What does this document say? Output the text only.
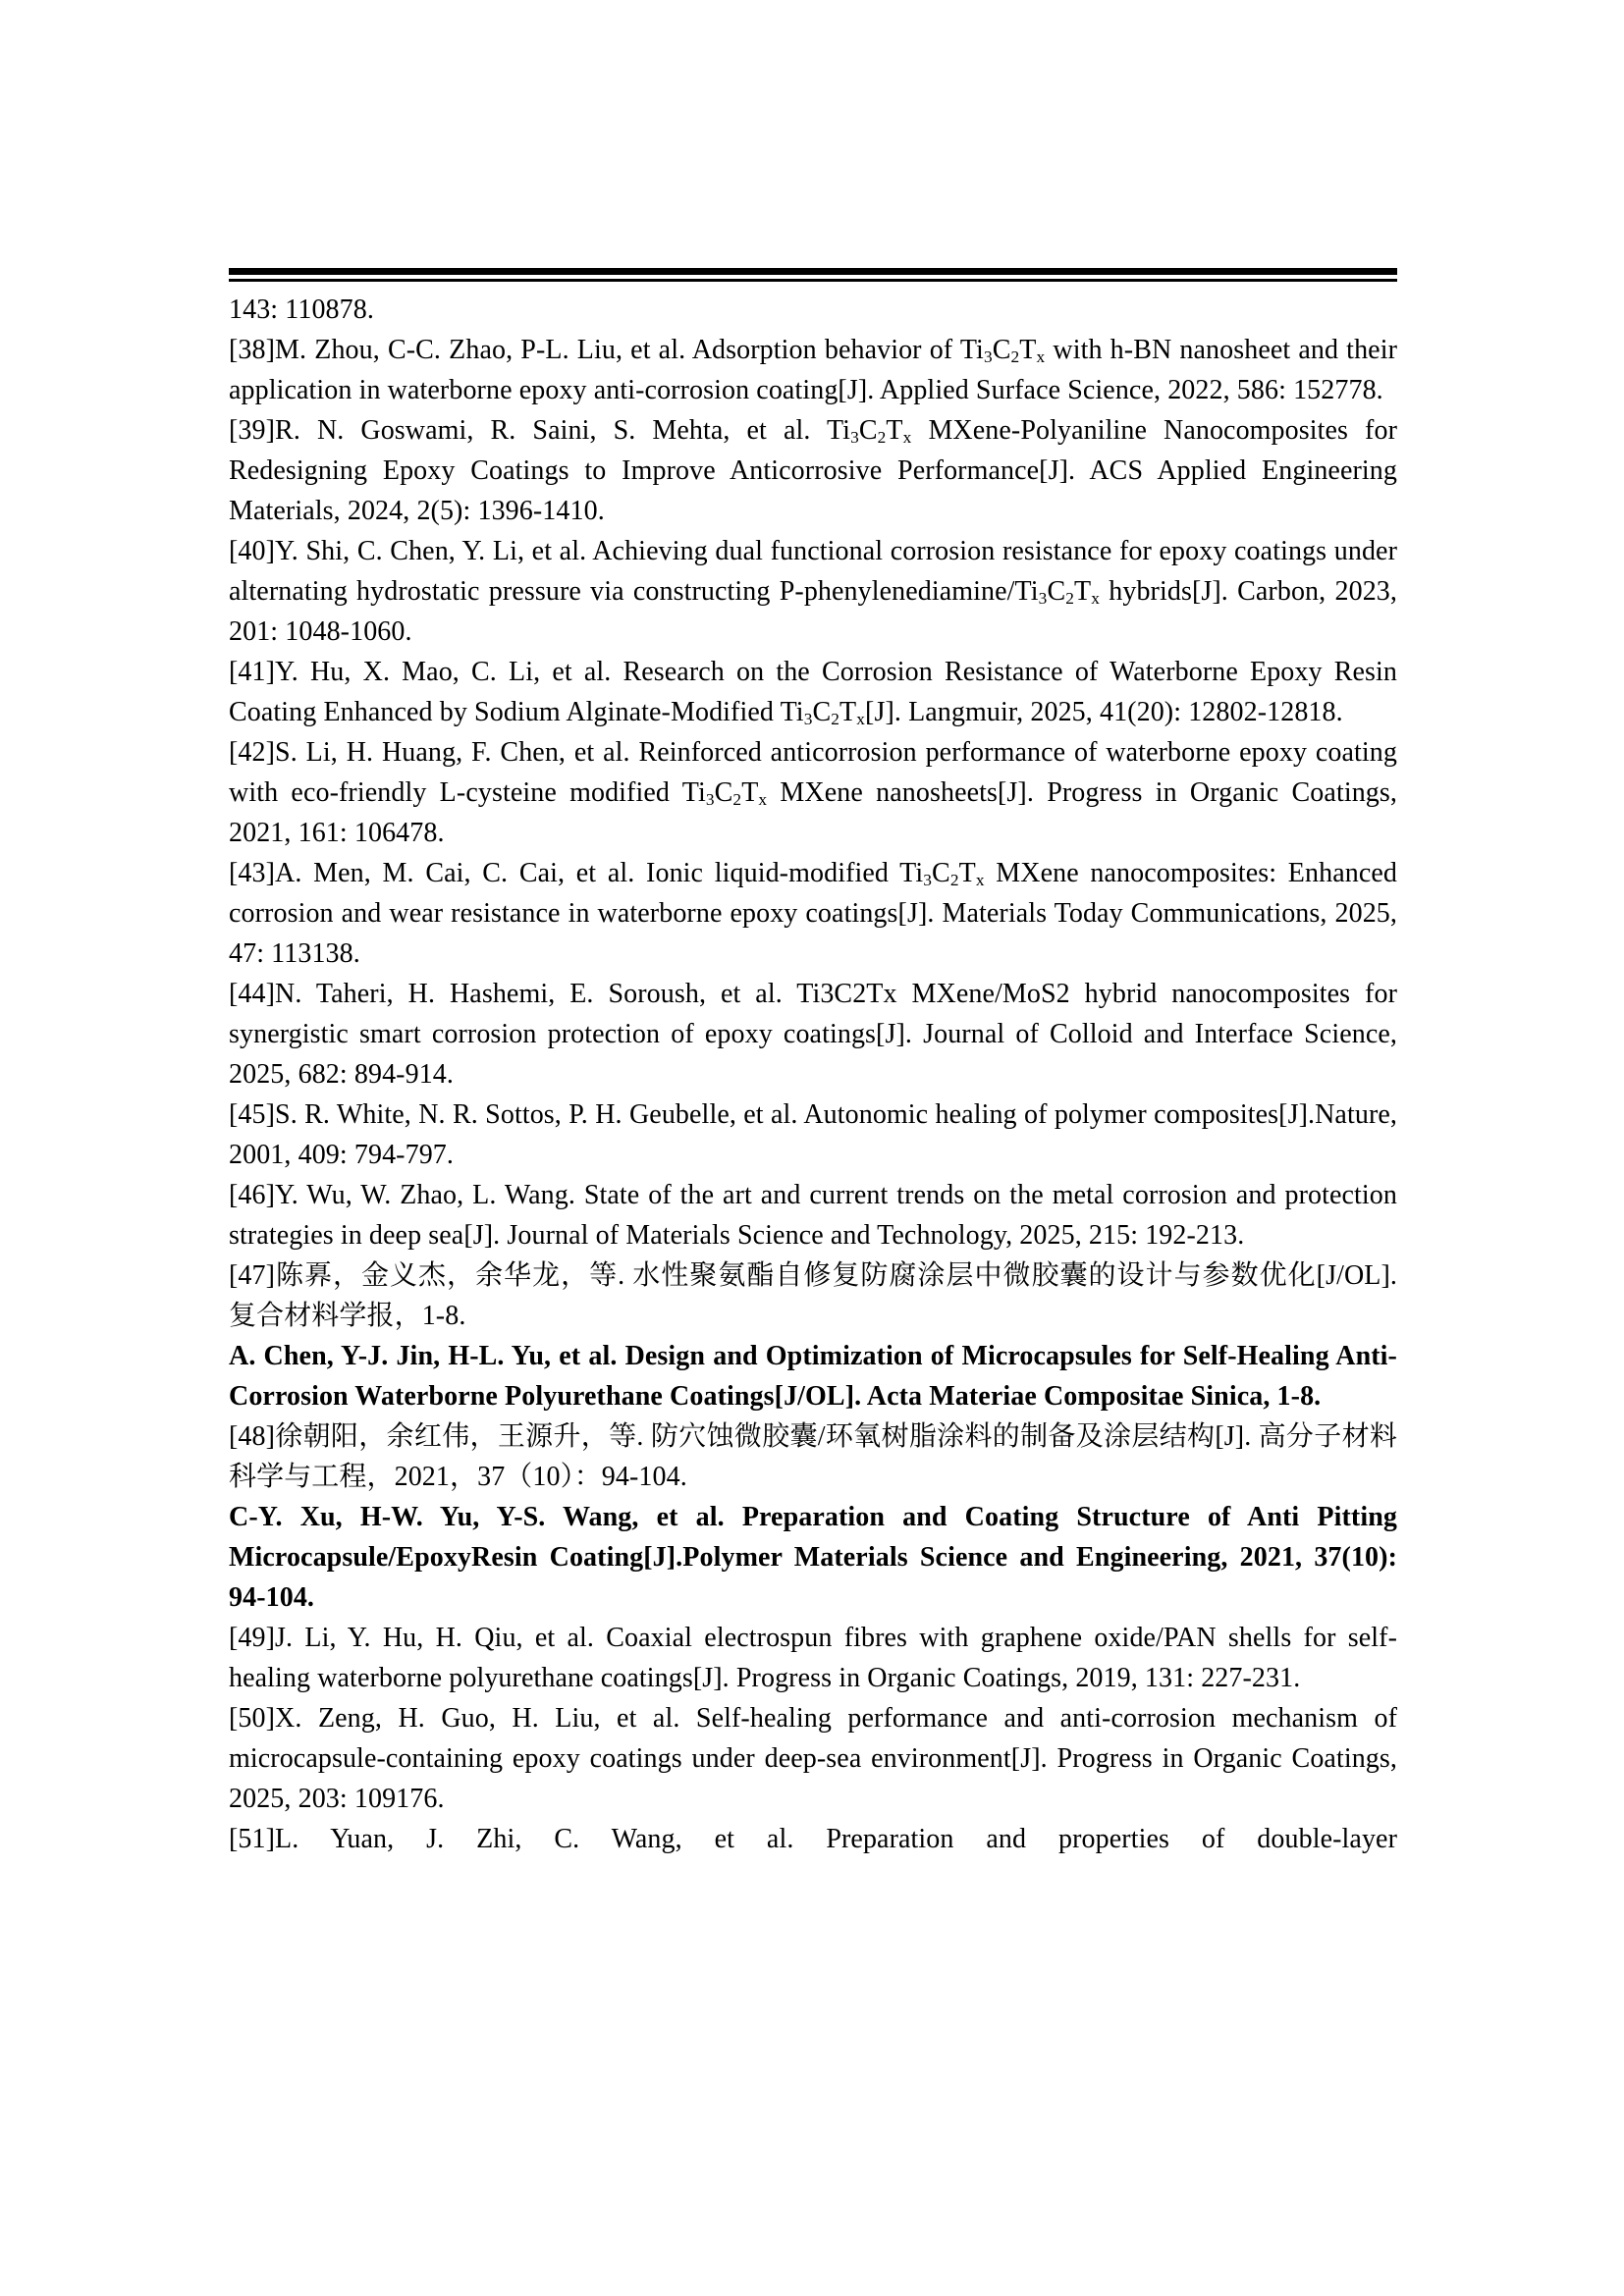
143: 110878.

[38]M. Zhou, C-C. Zhao, P-L. Liu, et al. Adsorption behavior of $Ti_3C_2T_x$ with h-BN nanosheet and their application in waterborne epoxy anti-corrosion coating[J]. Applied Surface Science, 2022, 586: 152778.

[39]R. N. Goswami, R. Saini, S. Mehta, et al. $Ti_3C_2T_x$ MXene-Polyaniline Nanocomposites for Redesigning Epoxy Coatings to Improve Anticorrosive Performance[J]. ACS Applied Engineering Materials, 2024, 2(5): 1396-1410.

[40]Y. Shi, C. Chen, Y. Li, et al. Achieving dual functional corrosion resistance for epoxy coatings under alternating hydrostatic pressure via constructing $P-phenylenediamine/Ti_3C_2T_x$ hybrids[J]. Carbon, 2023, 201: 1048-1060.

[41]Y. Hu, X. Mao, C. Li, et al. Research on the Corrosion Resistance of Waterborne Epoxy Resin Coating Enhanced by Sodium Alginate-Modified $Ti_3C_2T_x[J]$. Langmuir, 2025, 41(20): 12802-12818.

[42]S. Li, H. Huang, F. Chen, et al. Reinforced anticorrosion performance of waterborne epoxy coating with eco-friendly L-cysteine modified $Ti_3C_2T_x$ MXene nanosheets[J]. Progress in Organic Coatings, 2021, 161: 106478.

[43]A. Men, M. Cai, C. Cai, et al. Ionic liquid-modified $Ti_3C_2T_x$ MXene nanocomposites: Enhanced corrosion and wear resistance in waterborne epoxy coatings[J]. Materials Today Communications, 2025, 47: 113138.

[44]N. Taheri, H. Hashemi, E. Soroush, et al. Ti3C2Tx MXene/MoS2 hybrid nanocomposites for synergistic smart corrosion protection of epoxy coatings[J]. Journal of Colloid and Interface Science, 2025, 682: 894-914.

[45]S. R. White, N. R. Sottos, P. H. Geubelle, et al. Autonomic healing of polymer composites[J].Nature, 2001, 409: 794-797.

[46]Y. Wu, W. Zhao, L. Wang. State of the art and current trends on the metal corrosion and protection strategies in deep sea[J]. Journal of Materials Science and Technology, 2025, 215: 192-213.

[47]陈奡，金义杰，余华龙，等. 水性聚氨酯自修复防腐涂层中微胶囊的设计与参数优化[J/OL]. 复合材料学报，1-8.

A. Chen, Y-J. Jin, H-L. Yu, et al. Design and Optimization of Microcapsules for Self-Healing Anti-Corrosion Waterborne Polyurethane Coatings[J/OL]. Acta Materiae Compositae Sinica, 1-8.

[48]徐朝阳，余红伟，王源升，等. 防穴蚀微胶囊/环氧树脂涂料的制备及涂层结构[J]. 高分子材料科学与工程，2021，37（10）：94-104.

C-Y. Xu, H-W. Yu, Y-S. Wang, et al. Preparation and Coating Structure of Anti Pitting Microcapsule/EpoxyResin Coating[J].Polymer Materials Science and Engineering, 2021, 37(10): 94-104.

[49]J. Li, Y. Hu, H. Qiu, et al. Coaxial electrospun fibres with graphene oxide/PAN shells for self-healing waterborne polyurethane coatings[J]. Progress in Organic Coatings, 2019, 131: 227-231.

[50]X. Zeng, H. Guo, H. Liu, et al. Self-healing performance and anti-corrosion mechanism of microcapsule-containing epoxy coatings under deep-sea environment[J]. Progress in Organic Coatings, 2025, 203: 109176.

[51]L. Yuan, J. Zhi, C. Wang, et al. Preparation and properties of double-layer
